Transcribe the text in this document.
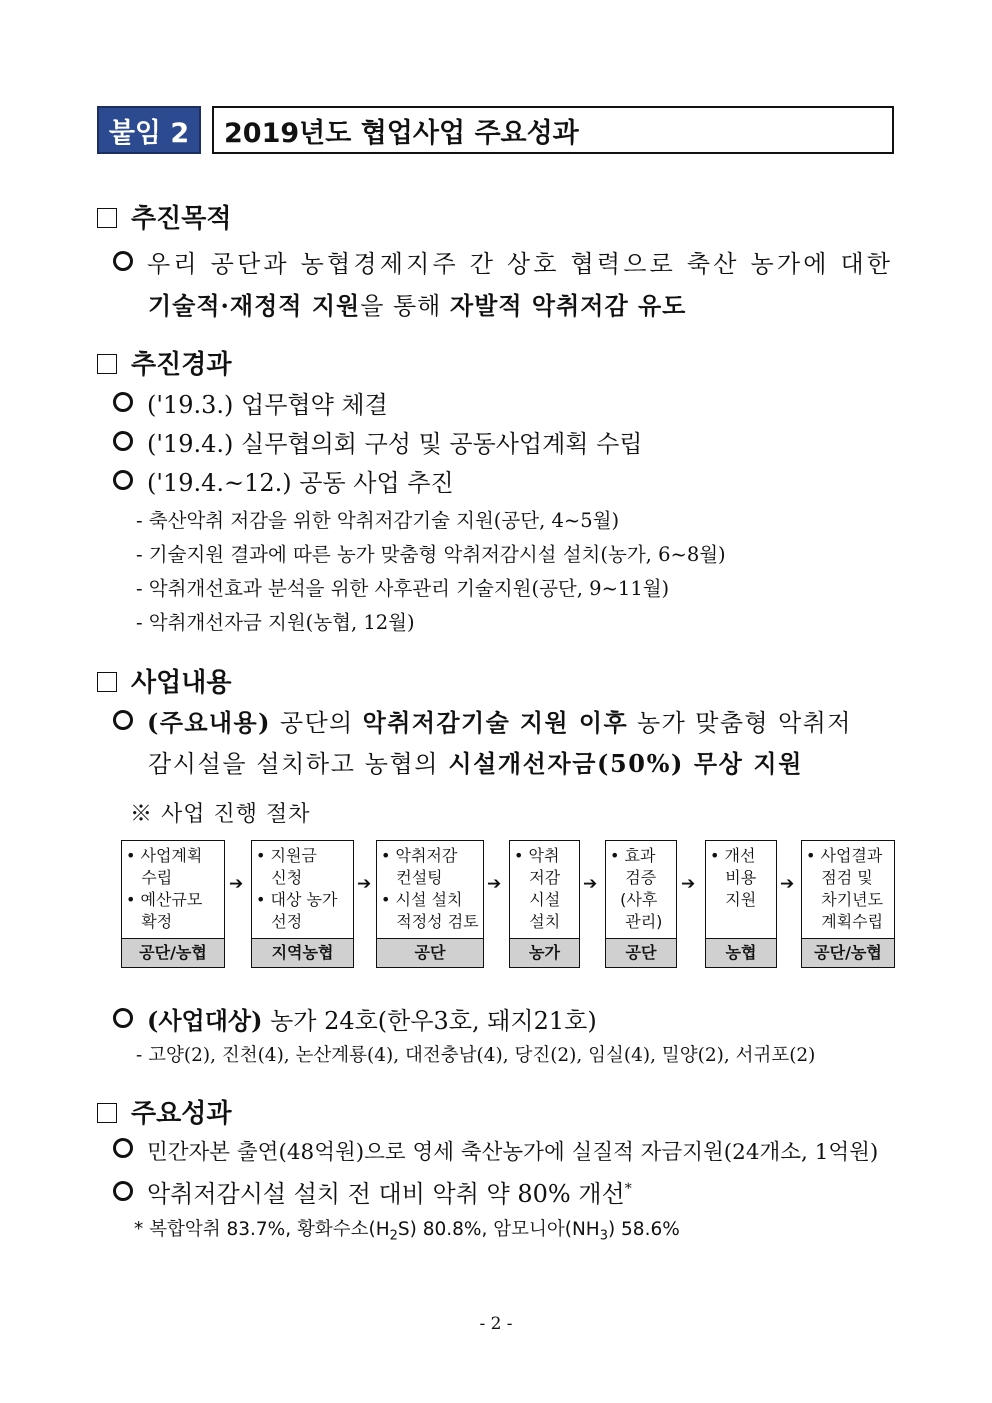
붙임 2	2019년도 협업사업 주요성과
추진목적
우리 공단과 농협경제지주 간 상호 협력으로 축산 농가에 대한
기술적·재정적 지원을 통해 자발적 악취저감 유도
추진경과
('19.3.) 업무협약 체결
('19.4.) 실무협의회 구성 및 공동사업계획 수립
('19.4.~12.) 공동 사업 추진
- 축산악취 저감을 위한 악취저감기술 지원(공단, 4~5월)
- 기술지원 결과에 따른 농가 맞춤형 악취저감시설 설치(농가, 6~8월)
- 악취개선효과 분석을 위한 사후관리 기술지원(공단, 9~11월)
- 악취개선자금 지원(농협, 12월)
사업내용
(주요내용) 공단의 악취저감기술 지원 이후 농가 맞춤형 악취저
감시설을 설치하고 농협의 시설개선자금(50%) 무상 지원
※ 사업 진행 절차
• 사업계획
수립
• 예산규모
확정
공단/농협
➔
• 지원금
신청
• 대상 농가
선정
지역농협
➔
• 악취저감
컨설팅
• 시설 설치
적정성 검토
공단
➔
• 악취
저감
시설
설치
농가
➔
• 효과
검증
(사후
관리)
공단
➔
• 개선
비용
지원
농협
➔
• 사업결과
점검 및
차기년도
계획수립
공단/농협
(사업대상) 농가 24호(한우3호, 돼지21호)
- 고양(2), 진천(4), 논산계룡(4), 대전충남(4), 당진(2), 임실(4), 밀양(2), 서귀포(2)
주요성과
민간자본 출연(48억원)으로 영세 축산농가에 실질적 자금지원(24개소, 1억원)
악취저감시설 설치 전 대비 악취 약 80% 개선*
* 복합악취 83.7%, 황화수소$(H_2S)$ 80.8%, 암모니아$(NH_3)$ 58.6%
- 2 -
